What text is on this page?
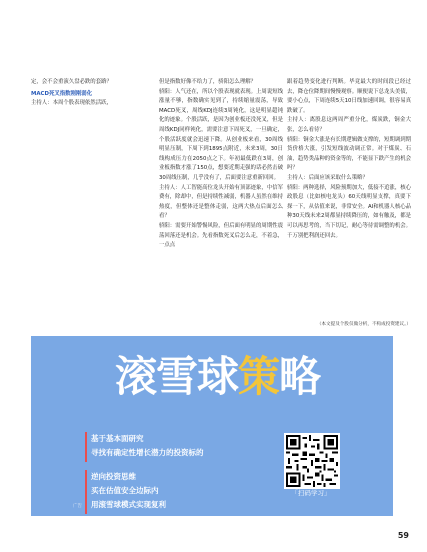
定，会不会重演久盘必跌的套路？

MACD死叉指数刚刚弱化

主持人：本周个股表现依然活跃，

但是指数好像不给力了，骄阳怎么理解？

骄阳：人气还在，所以个股表现就表现。上周说短线涨量不够，指数确实见到了，持续缩量震荡，导致MACD死叉，周线KDJ连续3周钝化，这是明显超钝化的迹象。个股活跃，是因为创业板还没死叉，但是周线KDJ同样钝化，需要注意下周死叉，一旦确定，个股活跃度就会迅速下降。从创业板来看，30周线明显压制，下周下到1895点附近，未来3周，30日线构成压力在2050点之下。年初最低跌在3周，创业板指数才涨了150点，想要近期走强的话必然击破30周线压制，几乎没有了，后面要注意重新回回。

主持人：人工智能高位龙头开始有顶部迹象，中信军费有，除却中，但是持续性减弱，机器人虽然在维持热度，但整体还是整体走弱，这两大热点后面怎么看？

骄阳：需要开始警惕风险，但后面有明显的周期性震荡回落还是机会。先看指数死叉后怎么走，不着急，一点点

跟着趋势变化进行判断。毕竟最大的时间段已经过去，降仓位降期间慢慢观察。顺便说下总龙头美债，要小心点，下周连续5天10日线加速回调，很容易真跌破了。

主持人：离股息这两周严重分化，煤炭跌，铜金大张，怎么看待？

骄阳：铜金大涨是有长期逻辑做支撑的，短期调到期货价格大涨，引发短线波动调正常。对于煤炭、石油，趋势类品种的资金等的，不能显下跌产生的机会吗？

主持人：后面应该采取什么策略？

骄阳：两种选择，风险预期加大，低接不追涨，核心政股息（比如核电龙头）60天线明显支撑，真要下探一下，从估值来说，非常安全。AI和机器人核心品种30天线未来2周都显持续降压的，如有触及，都是可以再思考的，当下切记，耐心等待需调整的机会。千万别把利润还回去。

（本文提及个股仅做分析，不构成投资建议。）
滚雪球策略
基于基本面研究
寻找有确定性增长潜力的投资标的
逆向投资思维
买在估值安全边际内
用滚雪球模式实现复利
「扫码学习」
广告
59
